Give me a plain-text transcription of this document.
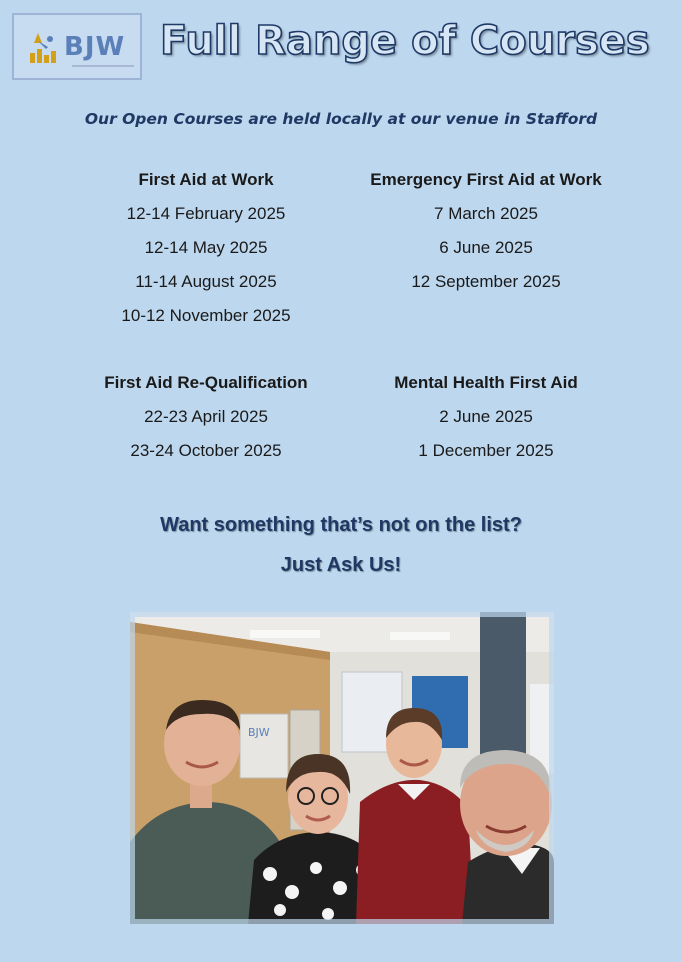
BJW Full Range of Courses
Our Open Courses are held locally at our venue in Stafford
First Aid at Work
12-14 February 2025
12-14 May 2025
11-14 August 2025
10-12 November 2025
Emergency First Aid at Work
7 March 2025
6 June 2025
12 September 2025
First Aid Re-Qualification
22-23 April 2025
23-24 October 2025
Mental Health First Aid
2 June 2025
1 December 2025
Want something that’s not on the list?
Just Ask Us!
BJW
